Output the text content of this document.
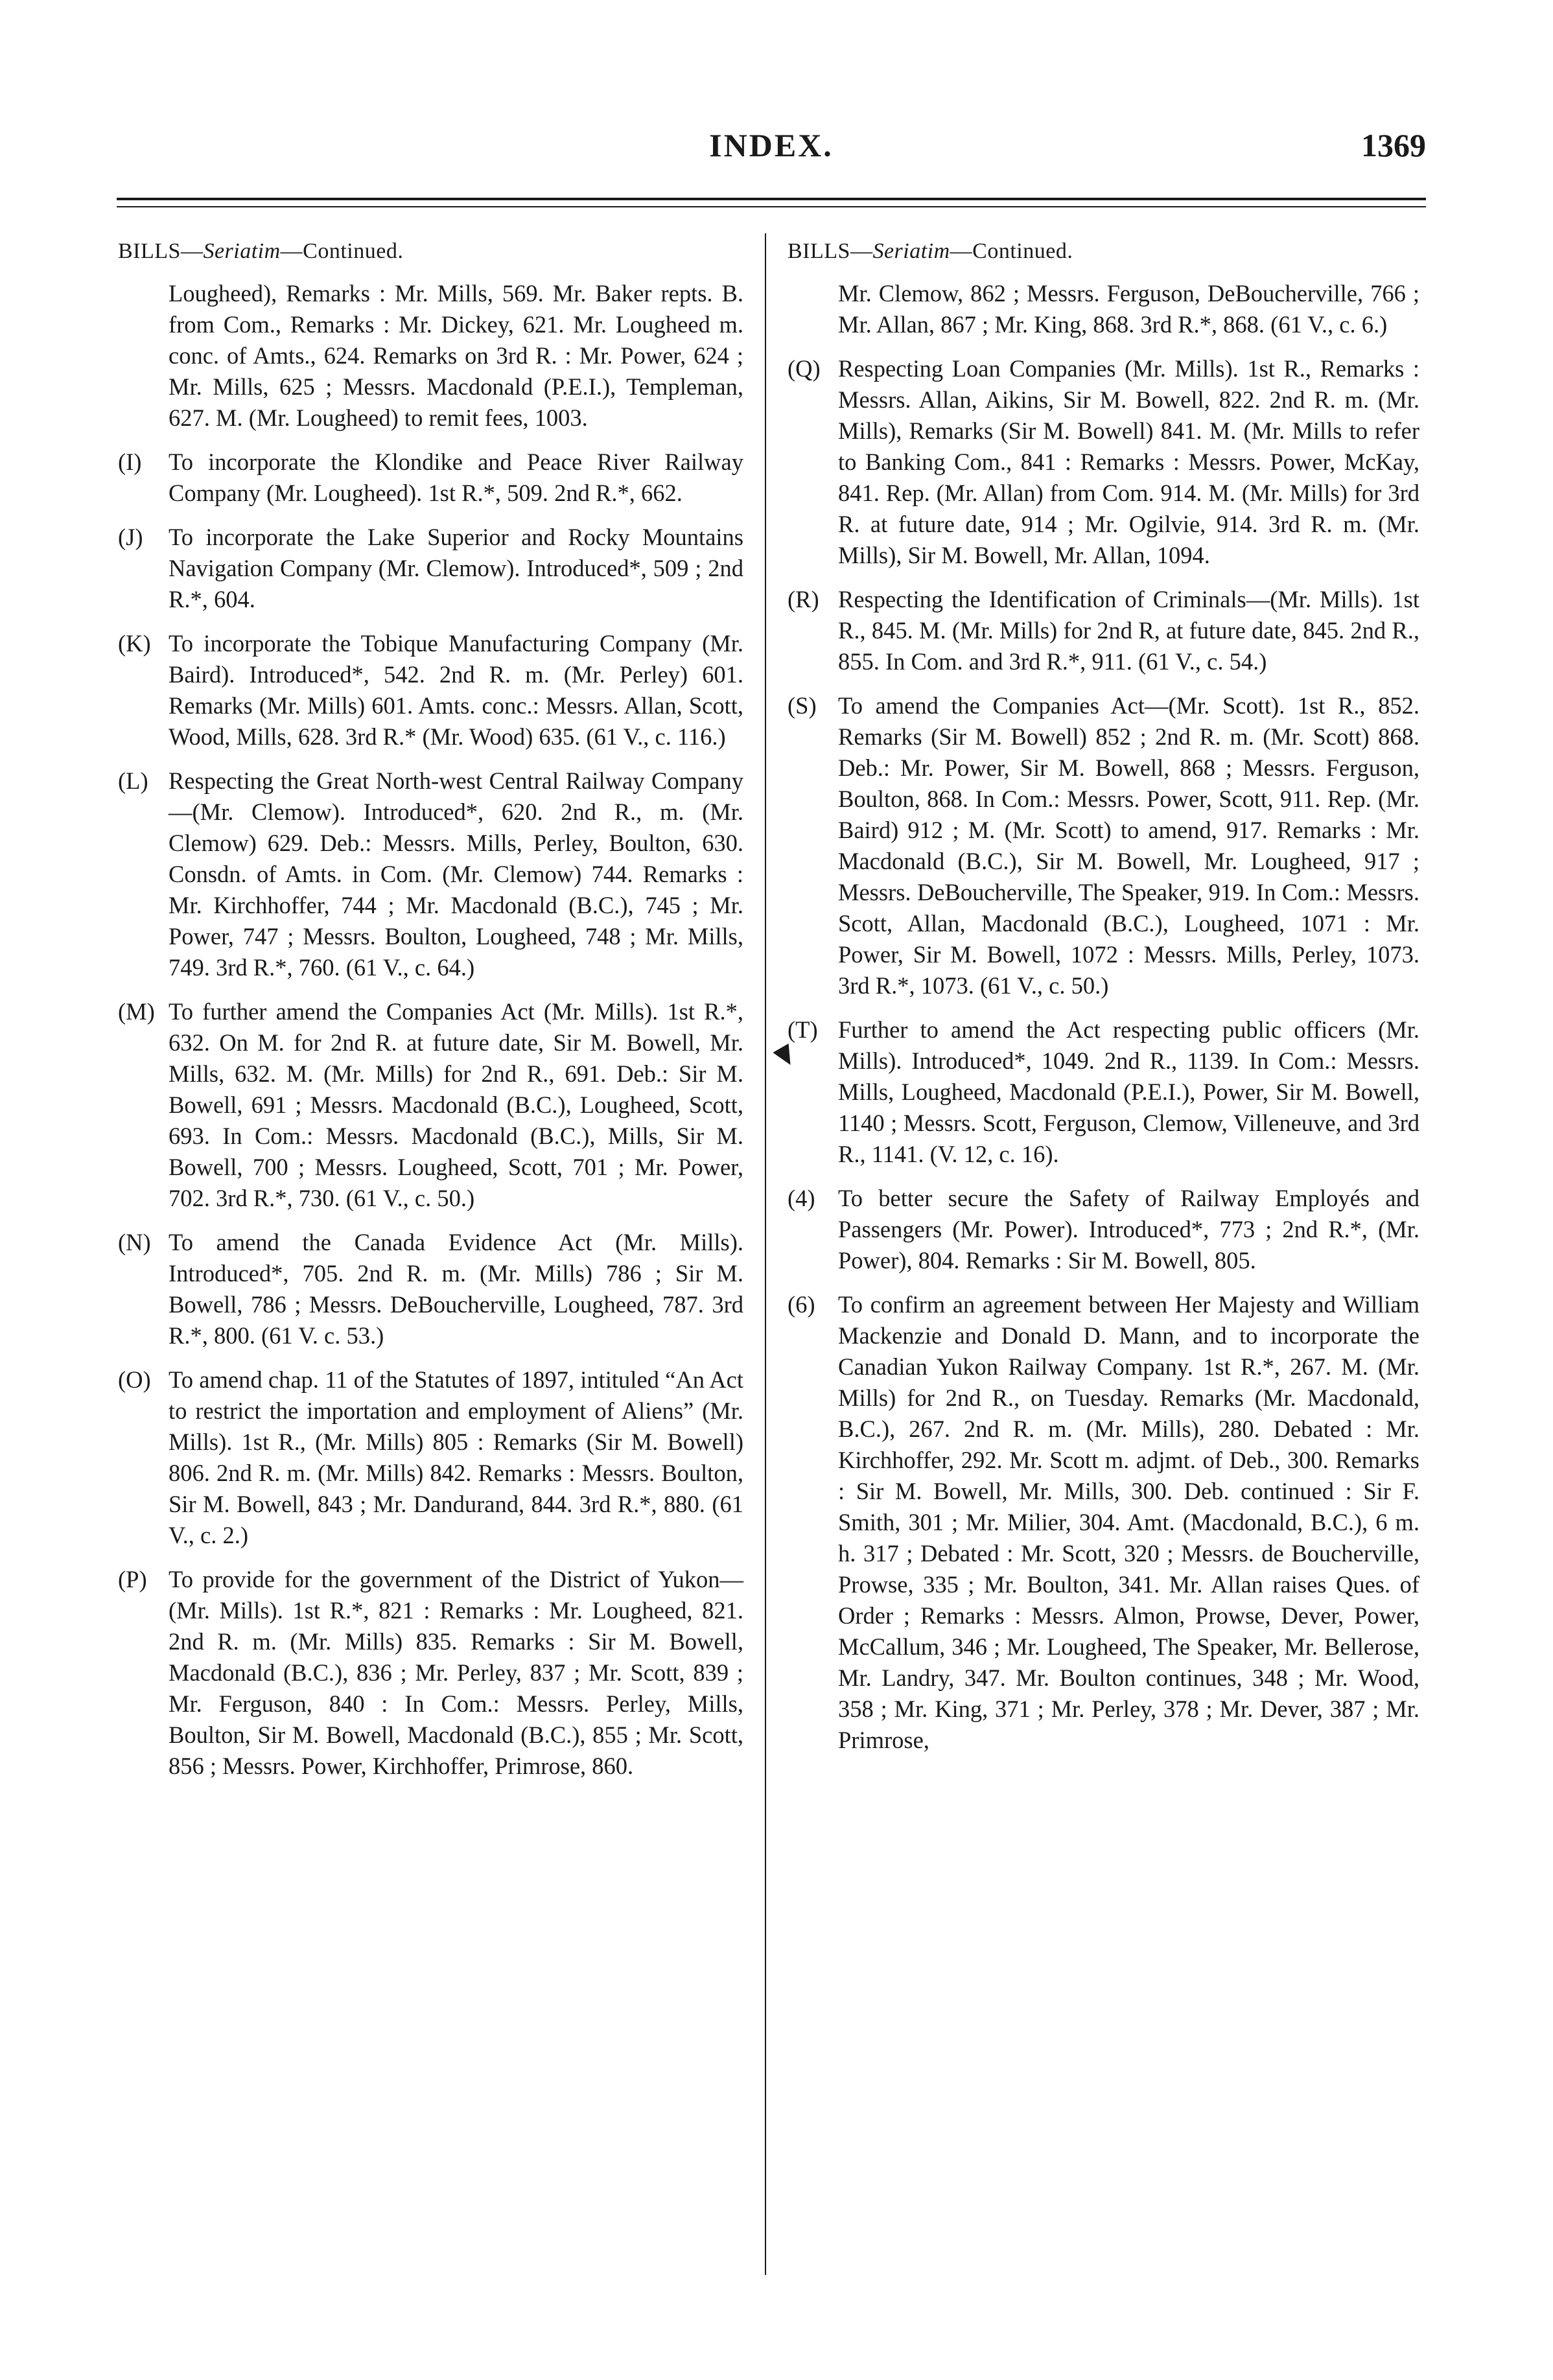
INDEX.	1369
BILLS—Seriatim—Continued.
Lougheed), Remarks : Mr. Mills, 569. Mr. Baker repts. B. from Com., Remarks : Mr. Dickey, 621. Mr. Lougheed m. conc. of Amts., 624. Remarks on 3rd R. : Mr. Power, 624 ; Mr. Mills, 625 ; Messrs. Macdonald (P.E.I.), Templeman, 627. M. (Mr. Lougheed) to remit fees, 1003.
(I) To incorporate the Klondike and Peace River Railway Company (Mr. Lougheed). 1st R.*, 509. 2nd R.*, 662.
(J) To incorporate the Lake Superior and Rocky Mountains Navigation Company (Mr. Clemow). Introduced*, 509 ; 2nd R.*, 604.
(K) To incorporate the Tobique Manufacturing Company (Mr. Baird). Introduced*, 542. 2nd R. m. (Mr. Perley) 601. Remarks (Mr. Mills) 601. Amts. conc.: Messrs. Allan, Scott, Wood, Mills, 628. 3rd R.* (Mr. Wood) 635. (61 V., c. 116.)
(L) Respecting the Great North-west Central Railway Company—(Mr. Clemow). Introduced*, 620. 2nd R., m. (Mr. Clemow) 629. Deb.: Messrs. Mills, Perley, Boulton, 630. Consdn. of Amts. in Com. (Mr. Clemow) 744. Remarks : Mr. Kirchhoffer, 744 ; Mr. Macdonald (B.C.), 745 ; Mr. Power, 747 ; Messrs. Boulton, Lougheed, 748 ; Mr. Mills, 749. 3rd R.*, 760. (61 V., c. 64.)
(M) To further amend the Companies Act (Mr. Mills). 1st R.*, 632. On M. for 2nd R. at future date, Sir M. Bowell, Mr. Mills, 632. M. (Mr. Mills) for 2nd R., 691. Deb.: Sir M. Bowell, 691 ; Messrs. Macdonald (B.C.), Lougheed, Scott, 693. In Com.: Messrs. Macdonald (B.C.), Mills, Sir M. Bowell, 700 ; Messrs. Lougheed, Scott, 701 ; Mr. Power, 702. 3rd R.*, 730. (61 V., c. 50.)
(N) To amend the Canada Evidence Act (Mr. Mills). Introduced*, 705. 2nd R. m. (Mr. Mills) 786 ; Sir M. Bowell, 786 ; Messrs. DeBoucherville, Lougheed, 787. 3rd R.*, 800. (61 V. c. 53.)
(O) To amend chap. 11 of the Statutes of 1897, intituled “An Act to restrict the importation and employment of Aliens” (Mr. Mills). 1st R., (Mr. Mills) 805 : Remarks (Sir M. Bowell) 806. 2nd R. m. (Mr. Mills) 842. Remarks : Messrs. Boulton, Sir M. Bowell, 843 ; Mr. Dandurand, 844. 3rd R.*, 880. (61 V., c. 2.)
(P) To provide for the government of the District of Yukon—(Mr. Mills). 1st R.*, 821 : Remarks : Mr. Lougheed, 821. 2nd R. m. (Mr. Mills) 835. Remarks : Sir M. Bowell, Macdonald (B.C.), 836 ; Mr. Perley, 837 ; Mr. Scott, 839 ; Mr. Ferguson, 840 : In Com.: Messrs. Perley, Mills, Boulton, Sir M. Bowell, Macdonald (B.C.), 855 ; Mr. Scott, 856 ; Messrs. Power, Kirchhoffer, Primrose, 860.
BILLS—Seriatim—Continued.
Mr. Clemow, 862 ; Messrs. Ferguson, DeBoucherville, 766 ; Mr. Allan, 867 ; Mr. King, 868. 3rd R.*, 868. (61 V., c. 6.)
(Q) Respecting Loan Companies (Mr. Mills). 1st R., Remarks : Messrs. Allan, Aikins, Sir M. Bowell, 822. 2nd R. m. (Mr. Mills), Remarks (Sir M. Bowell) 841. M. (Mr. Mills to refer to Banking Com., 841 : Remarks : Messrs. Power, McKay, 841. Rep. (Mr. Allan) from Com. 914. M. (Mr. Mills) for 3rd R. at future date, 914 ; Mr. Ogilvie, 914. 3rd R. m. (Mr. Mills), Sir M. Bowell, Mr. Allan, 1094.
(R) Respecting the Identification of Criminals—(Mr. Mills). 1st R., 845. M. (Mr. Mills) for 2nd R, at future date, 845. 2nd R., 855. In Com. and 3rd R.*, 911. (61 V., c. 54.)
(S) To amend the Companies Act—(Mr. Scott). 1st R., 852. Remarks (Sir M. Bowell) 852 ; 2nd R. m. (Mr. Scott) 868. Deb.: Mr. Power, Sir M. Bowell, 868 ; Messrs. Ferguson, Boulton, 868. In Com.: Messrs. Power, Scott, 911. Rep. (Mr. Baird) 912 ; M. (Mr. Scott) to amend, 917. Remarks : Mr. Macdonald (B.C.), Sir M. Bowell, Mr. Lougheed, 917 ; Messrs. DeBoucherville, The Speaker, 919. In Com.: Messrs. Scott, Allan, Macdonald (B.C.), Lougheed, 1071 : Mr. Power, Sir M. Bowell, 1072 : Messrs. Mills, Perley, 1073. 3rd R.*, 1073. (61 V., c. 50.)
(T) Further to amend the Act respecting public officers (Mr. Mills). Introduced*, 1049. 2nd R., 1139. In Com.: Messrs. Mills, Lougheed, Macdonald (P.E.I.), Power, Sir M. Bowell, 1140 ; Messrs. Scott, Ferguson, Clemow, Villeneuve, and 3rd R., 1141. (V. 12, c. 16).
(4) To better secure the Safety of Railway Employés and Passengers (Mr. Power). Introduced*, 773 ; 2nd R.*, (Mr. Power), 804. Remarks : Sir M. Bowell, 805.
(6) To confirm an agreement between Her Majesty and William Mackenzie and Donald D. Mann, and to incorporate the Canadian Yukon Railway Company. 1st R.*, 267. M. (Mr. Mills) for 2nd R., on Tuesday. Remarks (Mr. Macdonald, B.C.), 267. 2nd R. m. (Mr. Mills), 280. Debated : Mr. Kirchhoffer, 292. Mr. Scott m. adjmt. of Deb., 300. Remarks : Sir M. Bowell, Mr. Mills, 300. Deb. continued : Sir F. Smith, 301 ; Mr. Milier, 304. Amt. (Macdonald, B.C.), 6 m. h. 317 ; Debated : Mr. Scott, 320 ; Messrs. de Boucherville, Prowse, 335 ; Mr. Boulton, 341. Mr. Allan raises Ques. of Order ; Remarks : Messrs. Almon, Prowse, Dever, Power, McCallum, 346 ; Mr. Lougheed, The Speaker, Mr. Bellerose, Mr. Landry, 347. Mr. Boulton continues, 348 ; Mr. Wood, 358 ; Mr. King, 371 ; Mr. Perley, 378 ; Mr. Dever, 387 ; Mr. Primrose,
